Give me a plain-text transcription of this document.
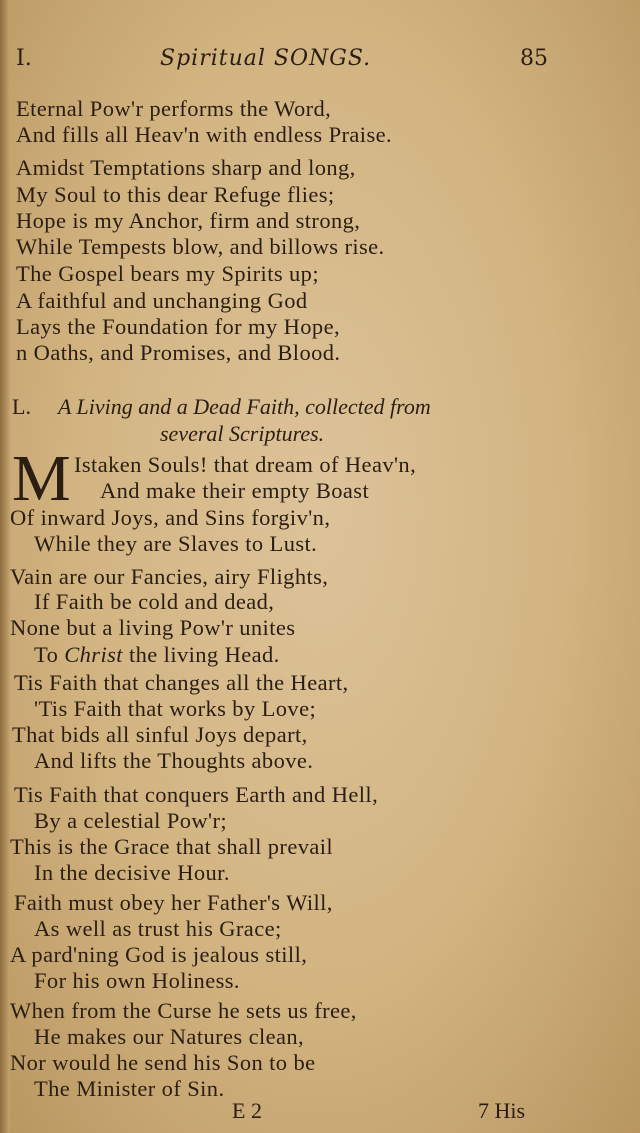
I.	Spiritual SONGS.	85
Eternal Pow'r performs the Word,
And fills all Heav'n with endless Praise.
Amidst Temptations sharp and long,
My Soul to this dear Refuge flies;
Hope is my Anchor, firm and strong,
While Tempests blow, and billows rise.
The Gospel bears my Spirits up;
A faithful and unchanging God
Lays the Foundation for my Hope,
n Oaths, and Promises, and Blood.
L. A Living and a Dead Faith, collected from
several Scriptures.
M Istaken Souls! that dream of Heav'n,
And make their empty Boast
Of inward Joys, and Sins forgiv'n,
While they are Slaves to Lust.
Vain are our Fancies, airy Flights,
If Faith be cold and dead,
None but a living Pow'r unites
To Christ the living Head.
Tis Faith that changes all the Heart,
'Tis Faith that works by Love;
That bids all sinful Joys depart,
And lifts the Thoughts above.
Tis Faith that conquers Earth and Hell,
By a celestial Pow'r;
This is the Grace that shall prevail
In the decisive Hour.
Faith must obey her Father's Will,
As well as trust his Grace;
A pard'ning God is jealous still,
For his own Holiness.
When from the Curse he sets us free,
He makes our Natures clean,
Nor would he send his Son to be
The Minister of Sin.
E 2	7 His
